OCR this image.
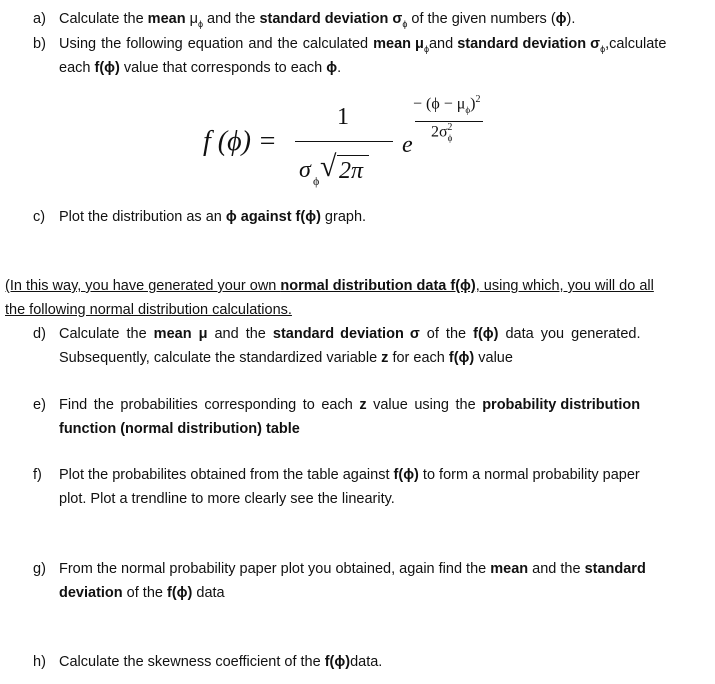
a) Calculate the mean $\mu_\phi$ and the standard deviation $\sigma_\phi$ of the given numbers (ϕ).
b) Using the following equation and the calculated mean $\mu_\phi and$ standard deviation $\sigma_\phi,calculate$
each f(ϕ) value that corresponds to each ϕ.
f (ϕ) =
1
σ ϕ √ 2π
e
− $(\phi - \mu_\phi)^2$
$2\sigma_\phi^2$
c) Plot the distribution as an ϕ against f(ϕ) graph.
(In this way, you have generated your own normal distribution data f(ϕ), using which, you will do all
the following normal distribution calculations.
d) Calculate the mean μ and the standard deviation σ of the f(ϕ) data you generated.
Subsequently, calculate the standardized variable z for each f(ϕ) value
e) Find the probabilities corresponding to each z value using the probability distribution
function (normal distribution) table
f) Plot the probabilites obtained from the table against f(ϕ) to form a normal probability paper
plot. Plot a trendline to more clearly see the linearity.
g) From the normal probability paper plot you obtained, again find the mean and the standard
deviation of the f(ϕ) data
h) Calculate the skewness coefficient of the f(ϕ)data.
